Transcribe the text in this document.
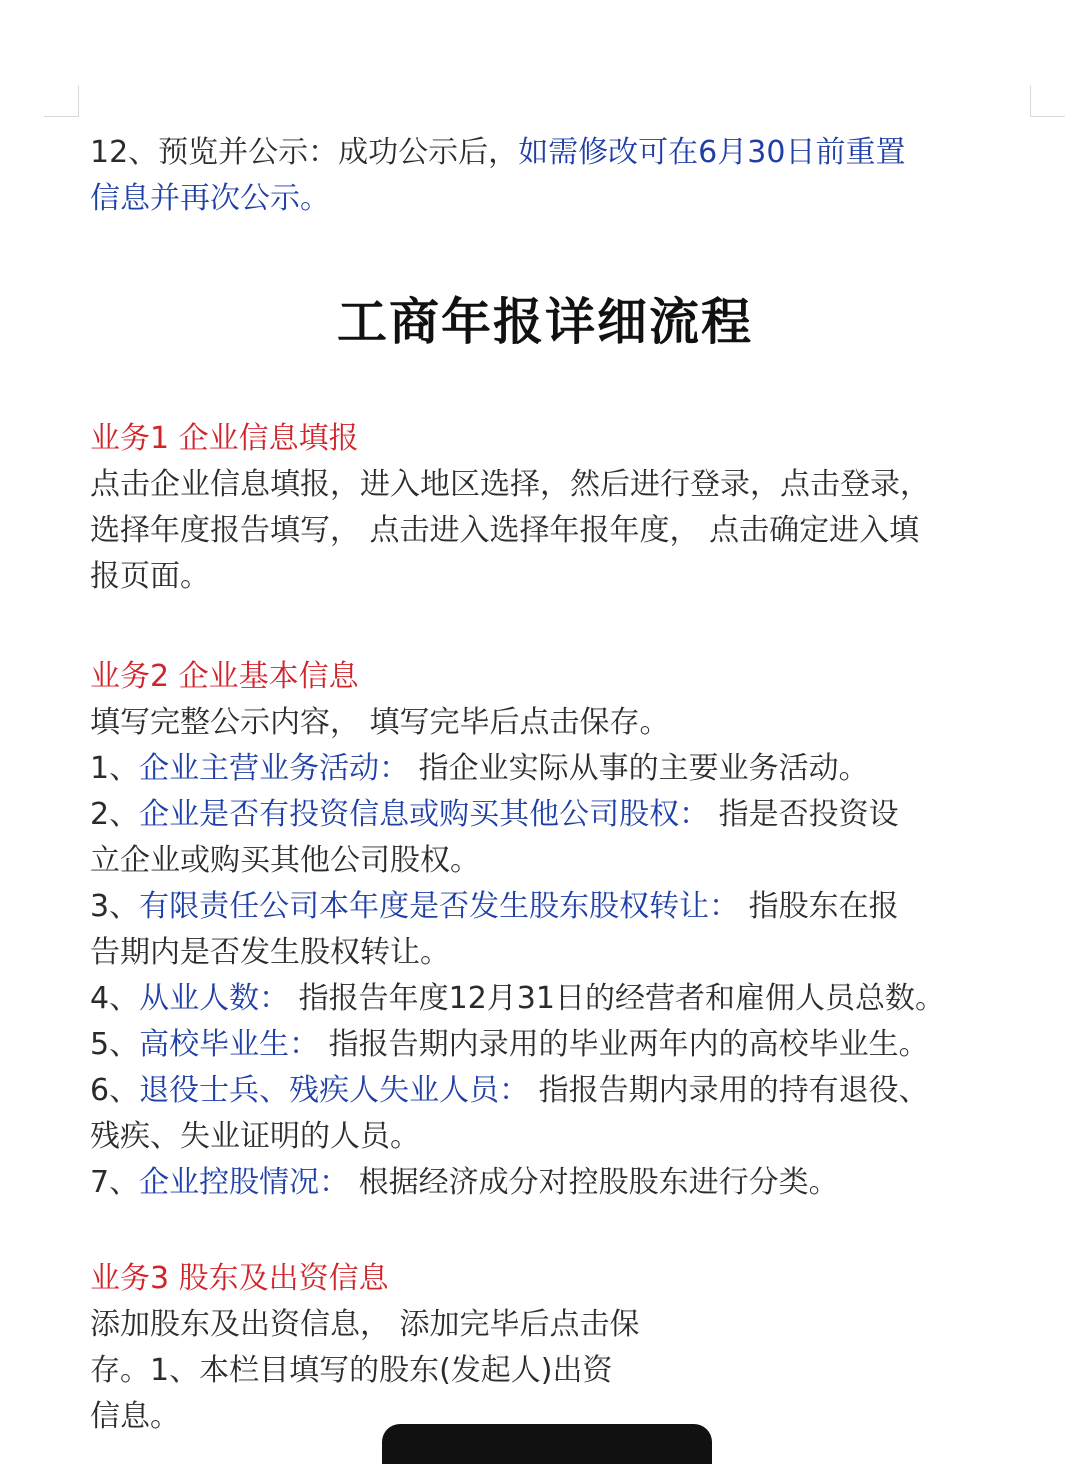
12、预览并公示：成功公示后，如需修改可在6月30日前重置
信息并再次公示。
工商年报详细流程
业务1 企业信息填报
点击企业信息填报，进入地区选择，然后进行登录，点击登录，
选择年度报告填写， 点击进入选择年报年度， 点击确定进入填
报页面。
业务2 企业基本信息
填写完整公示内容， 填写完毕后点击保存。
1、企业主营业务活动： 指企业实际从事的主要业务活动。
2、企业是否有投资信息或购买其他公司股权： 指是否投资设
立企业或购买其他公司股权。
3、有限责任公司本年度是否发生股东股权转让： 指股东在报
告期内是否发生股权转让。
4、从业人数： 指报告年度12月31日的经营者和雇佣人员总数。
5、高校毕业生： 指报告期内录用的毕业两年内的高校毕业生。
6、退役士兵、残疾人失业人员： 指报告期内录用的持有退役、
残疾、失业证明的人员。
7、企业控股情况： 根据经济成分对控股股东进行分类。
业务3 股东及出资信息
添加股东及出资信息， 添加完毕后点击保
存。1、本栏目填写的股东(发起人)出资
信息。
